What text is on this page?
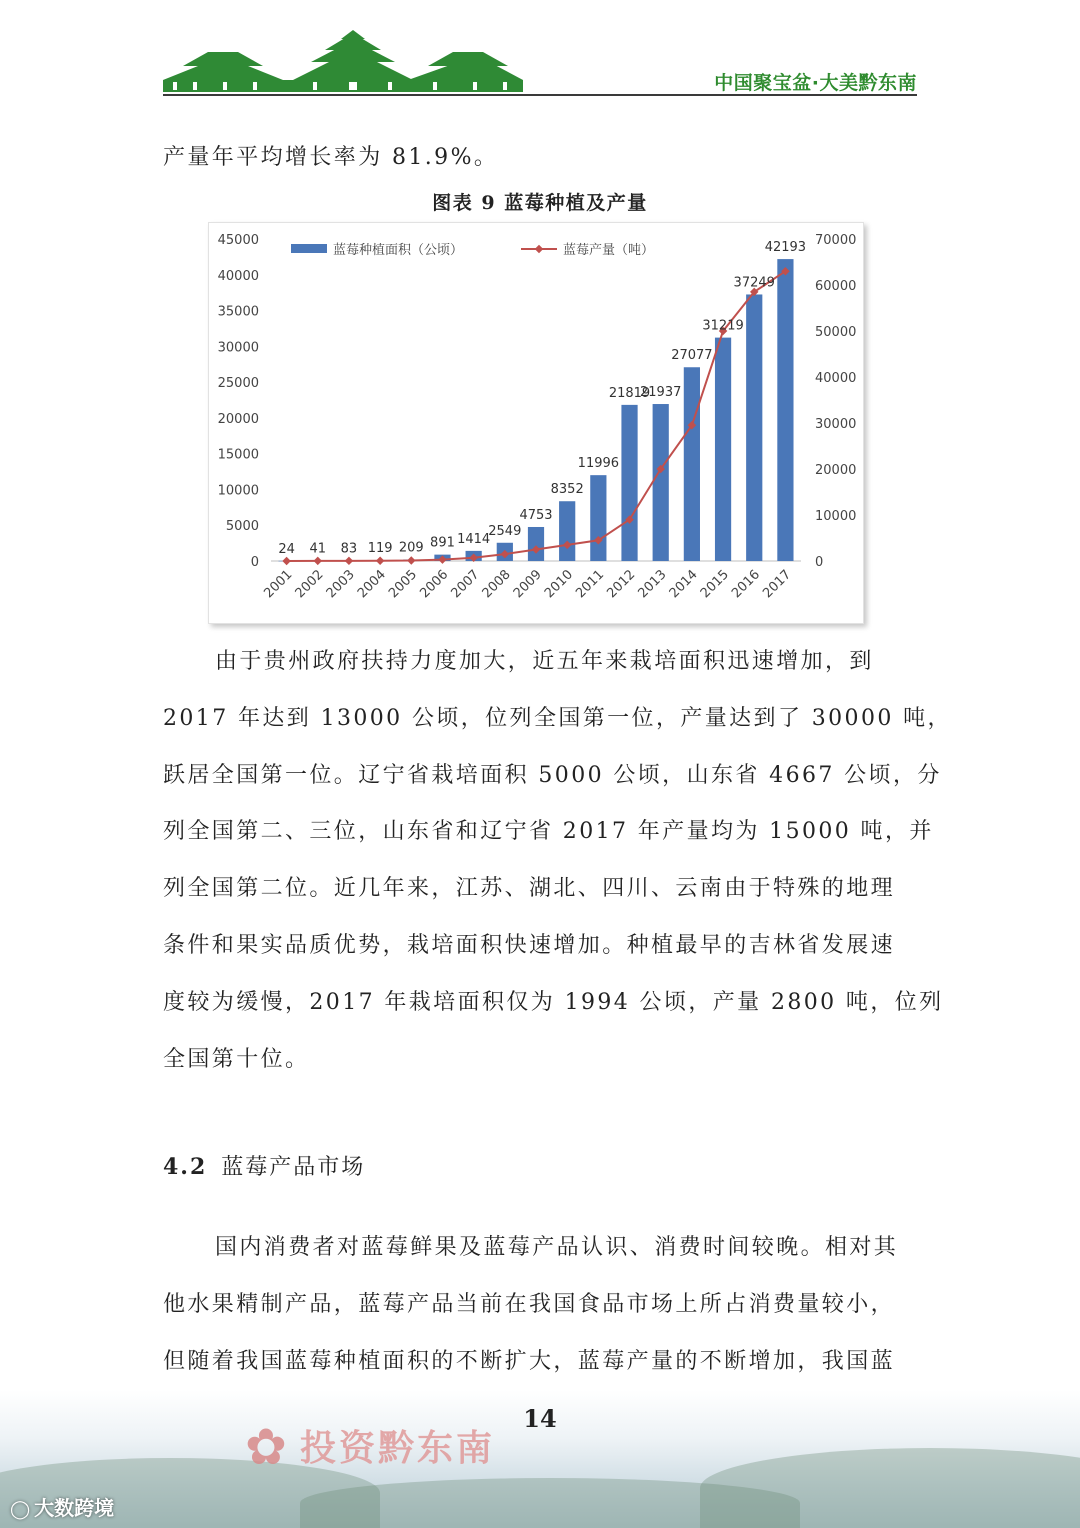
中国聚宝盆·大美黔东南
产量年平均增长率为 81.9%。
图表 9 蓝莓种植及产量
0
5000
10000
15000
20000
25000
30000
35000
40000
45000
0
10000
20000
30000
40000
50000
60000
70000
24 41 83 119 209 891 1414
2549
4753
8352
11996
21819
21937
27077
31219
37249
42193
2001
2002
2003
2004
2005
2006
2007
2008
2009
2010
2011
2012
2013
2014
2015
2016
2017
蓝莓种植面积（公顷）	蓝莓产量（吨）
由于贵州政府扶持力度加大，近五年来栽培面积迅速增加，到
2017 年达到 13000 公顷，位列全国第一位，产量达到了 30000 吨，
跃居全国第一位。辽宁省栽培面积 5000 公顷，山东省 4667 公顷，分
列全国第二、三位，山东省和辽宁省 2017 年产量均为 15000 吨，并
列全国第二位。近几年来，江苏、湖北、四川、云南由于特殊的地理
条件和果实品质优势，栽培面积快速增加。种植最早的吉林省发展速
度较为缓慢，2017 年栽培面积仅为 1994 公顷，产量 2800 吨，位列
全国第十位。
4.2 蓝莓产品市场
国内消费者对蓝莓鲜果及蓝莓产品认识、消费时间较晚。相对其
他水果精制产品，蓝莓产品当前在我国食品市场上所占消费量较小，
但随着我国蓝莓种植面积的不断扩大，蓝莓产量的不断增加，我国蓝
14
✿ 投资黔东南
◯ 大数跨境
